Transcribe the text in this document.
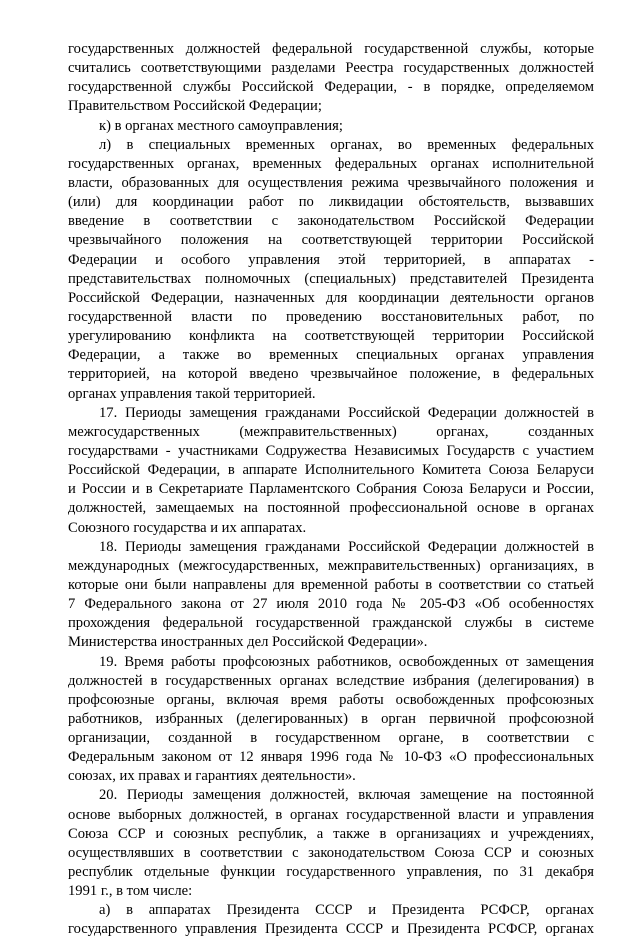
государственных должностей федеральной государственной службы, которые
считались соответствующими разделами Реестра государственных должностей
государственной службы Российской Федерации, - в порядке, определяемом
Правительством Российской Федерации;
к) в органах местного самоуправления;
л) в специальных временных органах, во временных федеральных
государственных органах, временных федеральных органах исполнительной
власти, образованных для осуществления режима чрезвычайного положения и
(или) для координации работ по ликвидации обстоятельств, вызвавших
введение в соответствии с законодательством Российской Федерации
чрезвычайного положения на соответствующей территории Российской
Федерации и особого управления этой территорией, в аппаратах -
представительствах полномочных (специальных) представителей Президента
Российской Федерации, назначенных для координации деятельности органов
государственной власти по проведению восстановительных работ, по
урегулированию конфликта на соответствующей территории Российской
Федерации, а также во временных специальных органах управления
территорией, на которой введено чрезвычайное положение, в федеральных
органах управления такой территорией.
17. Периоды замещения гражданами Российской Федерации должностей в
межгосударственных (межправительственных) органах, созданных
государствами - участниками Содружества Независимых Государств с участием
Российской Федерации, в аппарате Исполнительного Комитета Союза Беларуси
и России и в Секретариате Парламентского Собрания Союза Беларуси и России,
должностей, замещаемых на постоянной профессиональной основе в органах
Союзного государства и их аппаратах.
18. Периоды замещения гражданами Российской Федерации должностей в
международных (межгосударственных, межправительственных) организациях, в
которые они были направлены для временной работы в соответствии со статьей
7 Федерального закона от 27 июля 2010 года № 205-ФЗ «Об особенностях
прохождения федеральной государственной гражданской службы в системе
Министерства иностранных дел Российской Федерации».
19. Время работы профсоюзных работников, освобожденных от замещения
должностей в государственных органах вследствие избрания (делегирования) в
профсоюзные органы, включая время работы освобожденных профсоюзных
работников, избранных (делегированных) в орган первичной профсоюзной
организации, созданной в государственном органе, в соответствии с
Федеральным законом от 12 января 1996 года № 10-ФЗ «О профессиональных
союзах, их правах и гарантиях деятельности».
20. Периоды замещения должностей, включая замещение на постоянной
основе выборных должностей, в органах государственной власти и управления
Союза ССР и союзных республик, а также в организациях и учреждениях,
осуществлявших в соответствии с законодательством Союза ССР и союзных
республик отдельные функции государственного управления, по 31 декабря
1991 г., в том числе:
а) в аппаратах Президента СССР и Президента РСФСР, органах
государственного управления Президента СССР и Президента РСФСР, органах
